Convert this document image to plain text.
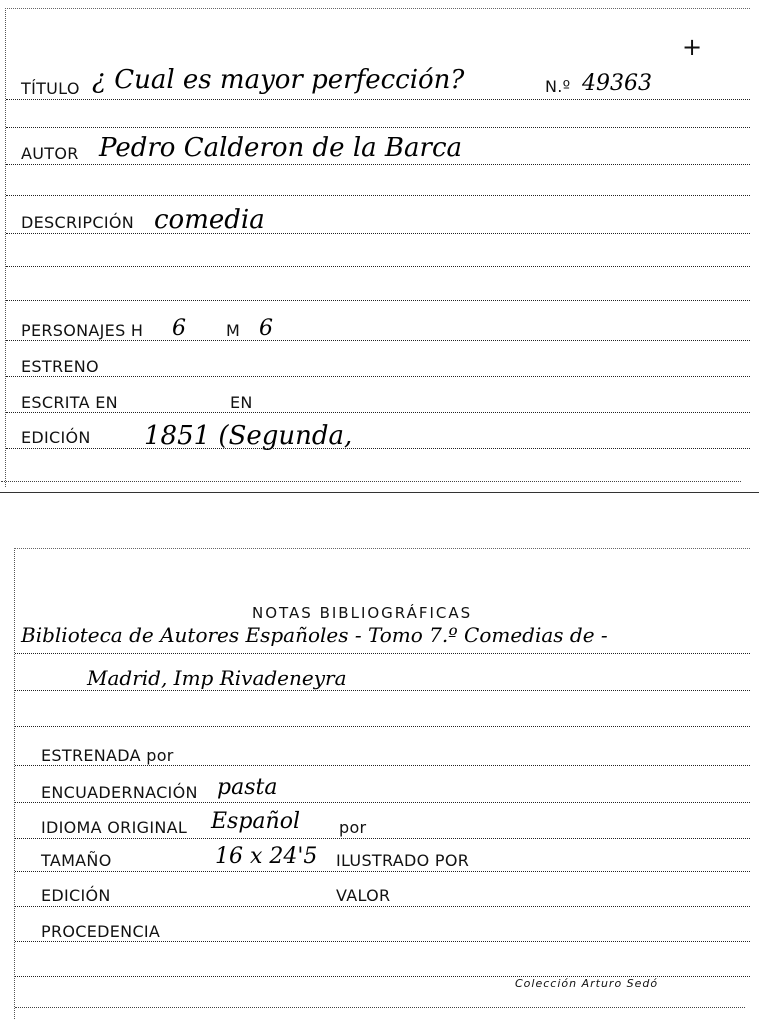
+
TÍTULO ¿ Cual es mayor perfección?	N.º 49363
AUTOR Pedro Calderon de la Barca
DESCRIPCIÓN comedia
PERSONAJES H 6	M 6
ESTRENO
ESCRITA EN	EN
EDICIÓN 1851 (Segunda,
NOTAS BIBLIOGRÁFICAS
Biblioteca de Autores Españoles - Tomo 7.º Comedias de -
Madrid, Imp Rivadeneyra
ESTRENADA por
ENCUADERNACIÓN pasta
IDIOMA ORIGINAL Español por
TAMAÑO	16 x 24'5 ILUSTRADO POR
EDICIÓN	VALOR
PROCEDENCIA
Colección Arturo Sedó
